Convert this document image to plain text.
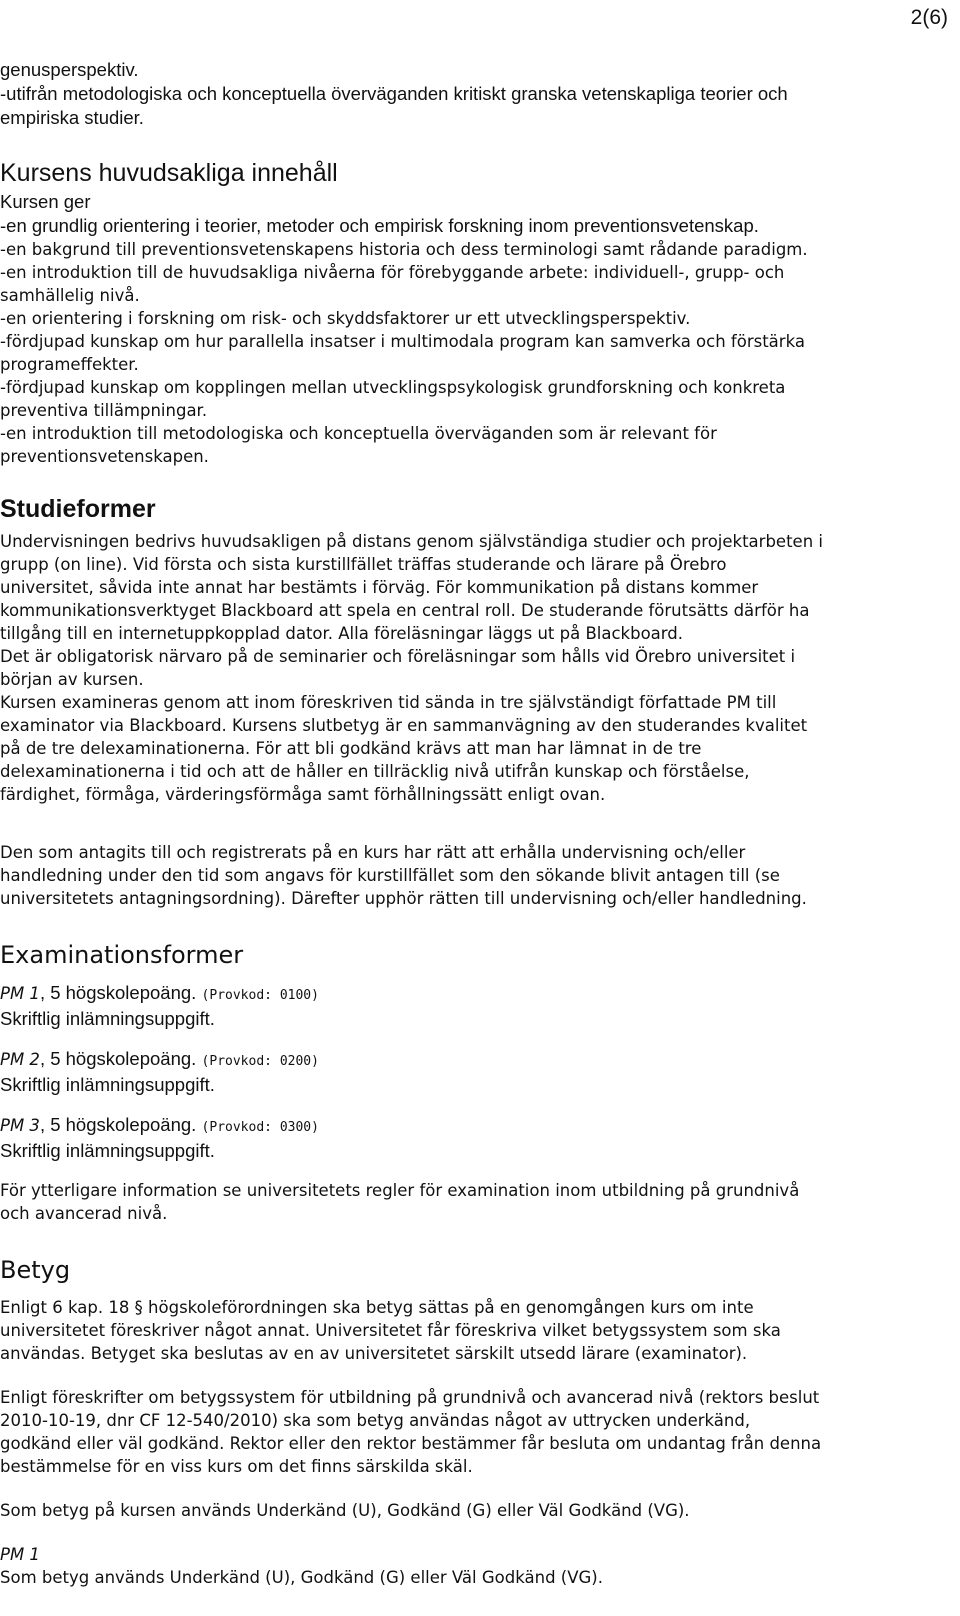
2(6)
genusperspektiv.
-utifrån metodologiska och konceptuella överväganden kritiskt granska vetenskapliga teorier och
empiriska studier.
Kursens huvudsakliga innehåll
Kursen ger
-en grundlig orientering i teorier, metoder och empirisk forskning inom preventionsvetenskap.
-en bakgrund till preventionsvetenskapens historia och dess terminologi samt rådande paradigm.
-en introduktion till de huvudsakliga nivåerna för förebyggande arbete: individuell-, grupp- och
samhällelig nivå.
-en orientering i forskning om risk- och skyddsfaktorer ur ett utvecklingsperspektiv.
-fördjupad kunskap om hur parallella insatser i multimodala program kan samverka och förstärka
programeffekter.
-fördjupad kunskap om kopplingen mellan utvecklingspsykologisk grundforskning och konkreta
preventiva tillämpningar.
-en introduktion till metodologiska och konceptuella överväganden som är relevant för
preventionsvetenskapen.
Studieformer
Undervisningen bedrivs huvudsakligen på distans genom självständiga studier och projektarbeten i
grupp (on line). Vid första och sista kurstillfället träffas studerande och lärare på Örebro
universitet, såvida inte annat har bestämts i förväg. För kommunikation på distans kommer
kommunikationsverktyget Blackboard att spela en central roll. De studerande förutsätts därför ha
tillgång till en internetuppkopplad dator. Alla föreläsningar läggs ut på Blackboard.
Det är obligatorisk närvaro på de seminarier och föreläsningar som hålls vid Örebro universitet i
början av kursen.
Kursen examineras genom att inom föreskriven tid sända in tre självständigt författade PM till
examinator via Blackboard. Kursens slutbetyg är en sammanvägning av den studerandes kvalitet
på de tre delexaminationerna. För att bli godkänd krävs att man har lämnat in de tre
delexaminationerna i tid och att de håller en tillräcklig nivå utifrån kunskap och förståelse,
färdighet, förmåga, värderingsförmåga samt förhållningssätt enligt ovan.
Den som antagits till och registrerats på en kurs har rätt att erhålla undervisning och/eller
handledning under den tid som angavs för kurstillfället som den sökande blivit antagen till (se
universitetets antagningsordning). Därefter upphör rätten till undervisning och/eller handledning.
Examinationsformer
PM 1, 5 högskolepoäng. (Provkod: 0100)
Skriftlig inlämningsuppgift.
PM 2, 5 högskolepoäng. (Provkod: 0200)
Skriftlig inlämningsuppgift.
PM 3, 5 högskolepoäng. (Provkod: 0300)
Skriftlig inlämningsuppgift.
För ytterligare information se universitetets regler för examination inom utbildning på grundnivå
och avancerad nivå.
Betyg
Enligt 6 kap. 18 § högskoleförordningen ska betyg sättas på en genomgången kurs om inte
universitetet föreskriver något annat. Universitetet får föreskriva vilket betygssystem som ska
användas. Betyget ska beslutas av en av universitetet särskilt utsedd lärare (examinator).
Enligt föreskrifter om betygssystem för utbildning på grundnivå och avancerad nivå (rektors beslut
2010-10-19, dnr CF 12-540/2010) ska som betyg användas något av uttrycken underkänd,
godkänd eller väl godkänd. Rektor eller den rektor bestämmer får besluta om undantag från denna
bestämmelse för en viss kurs om det finns särskilda skäl.
Som betyg på kursen används Underkänd (U), Godkänd (G) eller Väl Godkänd (VG).
PM 1
Som betyg används Underkänd (U), Godkänd (G) eller Väl Godkänd (VG).
